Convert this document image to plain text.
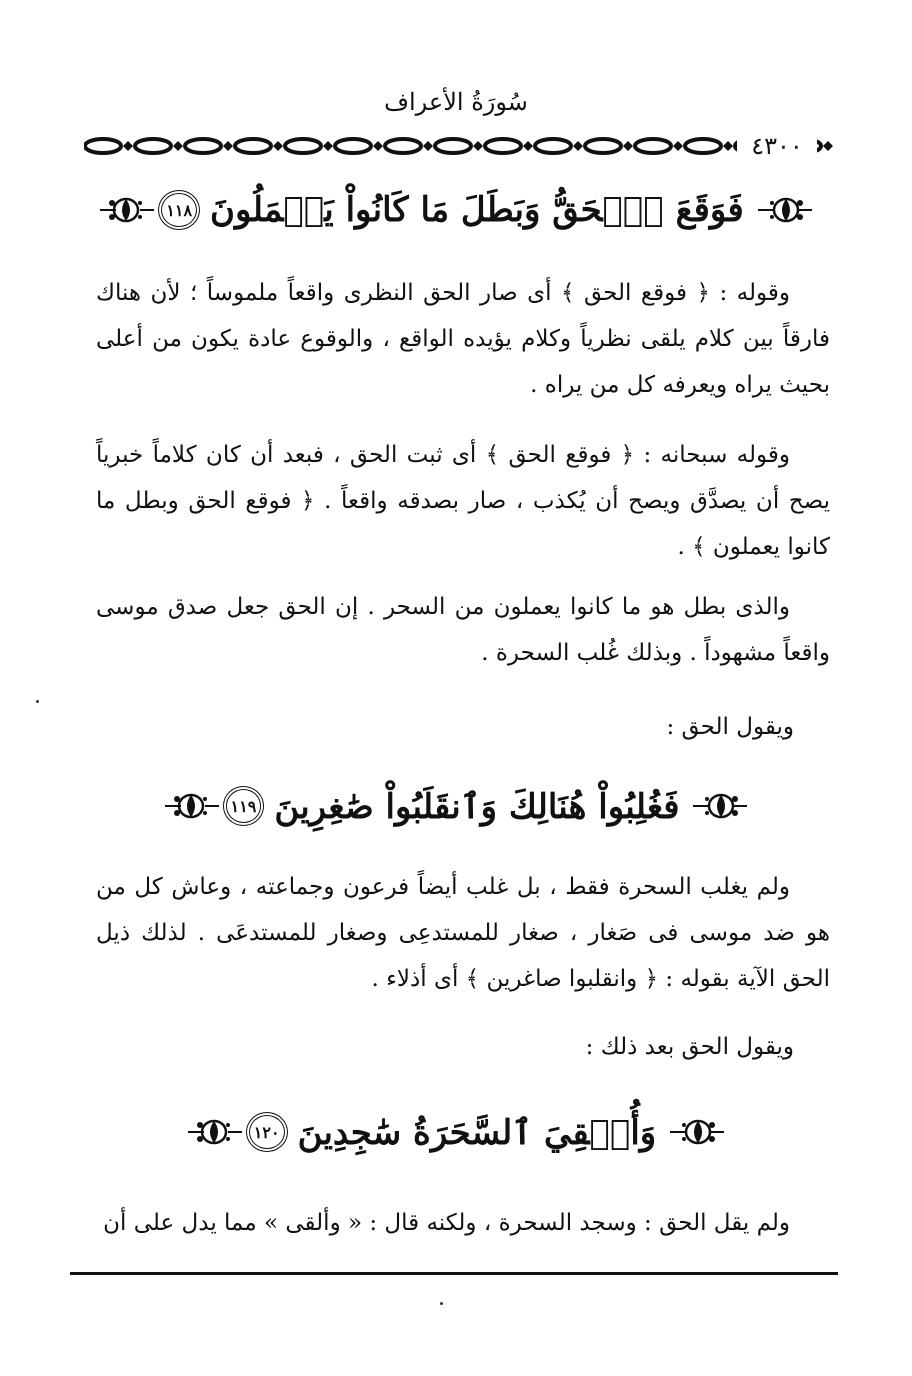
سُورَةُ الأعراف
٤٣٠٠
فَوَقَعَ ٱلۡحَقُّ وَبَطَلَ مَا كَانُواْ يَعۡمَلُونَ
١١٨

وقوله : ﴿ فوقع الحق ﴾ أى صار الحق النظرى واقعاً ملموساً ؛ لأن هناك فارقاً بين كلام يلقى نظرياً وكلام يؤيده الواقع ، والوقوع عادة يكون من أعلى بحيث يراه ويعرفه كل من يراه .

وقوله سبحانه : ﴿ فوقع الحق ﴾ أى ثبت الحق ، فبعد أن كان كلاماً خبرياً يصح أن يصدَّق ويصح أن يُكذب ، صار بصدقه واقعاً . ﴿ فوقع الحق وبطل ما كانوا يعملون ﴾ .

والذى بطل هو ما كانوا يعملون من السحر . إن الحق جعل صدق موسى واقعاً مشهوداً . وبذلك غُلب السحرة .

ويقول الحق :

فَغُلِبُواْ هُنَالِكَ وَٱنقَلَبُواْ صَٰغِرِينَ
١١٩

ولم يغلب السحرة فقط ، بل غلب أيضاً فرعون وجماعته ، وعاش كل من هو ضد موسى فى صَغار ، صغار للمستدعِى وصغار للمستدعَى . لذلك ذيل الحق الآية بقوله : ﴿ وانقلبوا صاغرين ﴾ أى أذلاء .

ويقول الحق بعد ذلك :

وَأُلۡقِيَ ٱلسَّحَرَةُ سَٰجِدِينَ
١٢٠

ولم يقل الحق : وسجد السحرة ، ولكنه قال : « وألقى » مما يدل على أن
